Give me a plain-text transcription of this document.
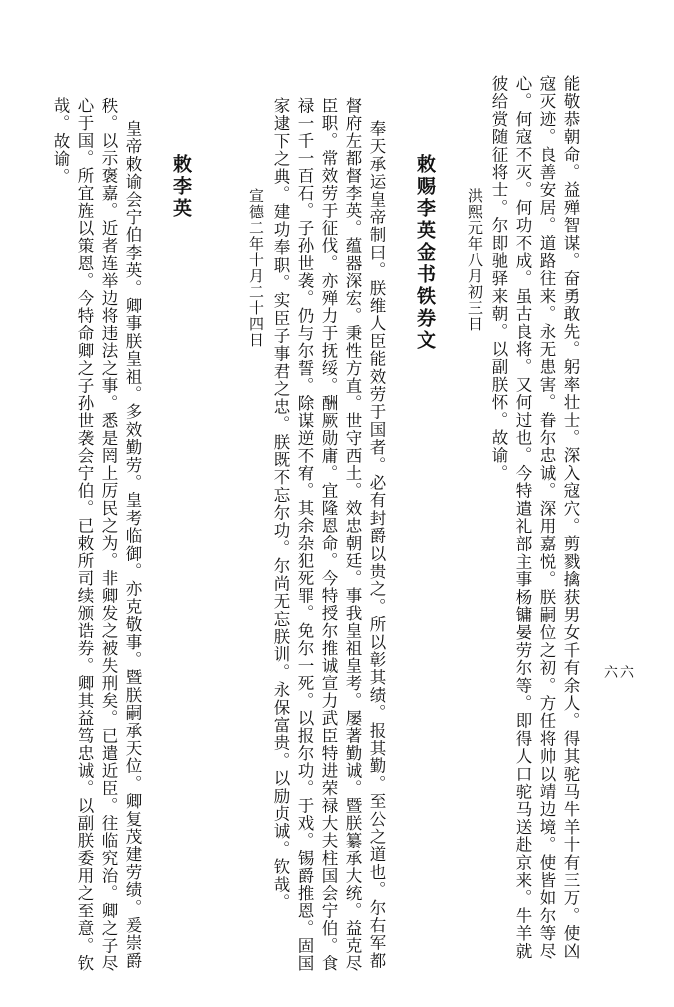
能敬恭朝命。益殚智谋。奋勇敢先。躬率壮士。深入寇穴。剪戮擒获男女千有余人。得其驼马牛羊十有三万。使凶
寇灭迹。良善安居。道路往来。永无患害。眷尔忠诚。深用嘉悦。朕嗣位之初。方任将帅以靖边境。使皆如尔等尽
心。何寇不灭。何功不成。虽古良将。又何过也。今特遣礼部主事杨镛晏劳尔等。即得人口驼马送赴京来。牛羊就
彼给赏随征将士。尔即驰驿来朝。以副朕怀。故谕。
洪熙元年八月初三日
敕赐李英金书铁券文
奉天承运皇帝制曰。朕维人臣能效劳于国者。必有封爵以贵之。所以彰其绩。报其勤。至公之道也。尔右军都
督府左都督李英。蕴器深宏。秉性方直。世守西土。效忠朝廷。事我皇祖皇考。屡著勤诚。暨朕纂承大统。益克尽
臣职。常效劳于征伐。亦殚力于抚绥。酬厥勋庸。宜隆恩命。今特授尔推诚宣力武臣特进荣禄大夫柱国会宁伯。食
禄一千一百石。子孙世袭。仍与尔誓。除谋逆不宥。其余杂犯死罪。免尔一死。以报尔功。于戏。锡爵推恩。固国
家逮下之典。建功奉职。实臣子事君之忠。朕既不忘尔功。尔尚无忘朕训。永保富贵。以励贞诚。钦哉。
宣德二年十月二十四日
敕李英
皇帝敕谕会宁伯李英。卿事朕皇祖。多效勤劳。皇考临御。亦克敬事。暨朕嗣承天位。卿复茂建劳绩。爰崇爵
秩。以示褒嘉。近者连举边将违法之事。悉是罔上厉民之为。非卿发之被失刑矣。已遣近臣。往临究治。卿之子尽
心于国。所宜旌以策恩。今特命卿之子孙世袭会宁伯。已敕所司续颁诰券。卿其益笃忠诚。以副朕委用之至意。钦
哉。故谕。
六六
